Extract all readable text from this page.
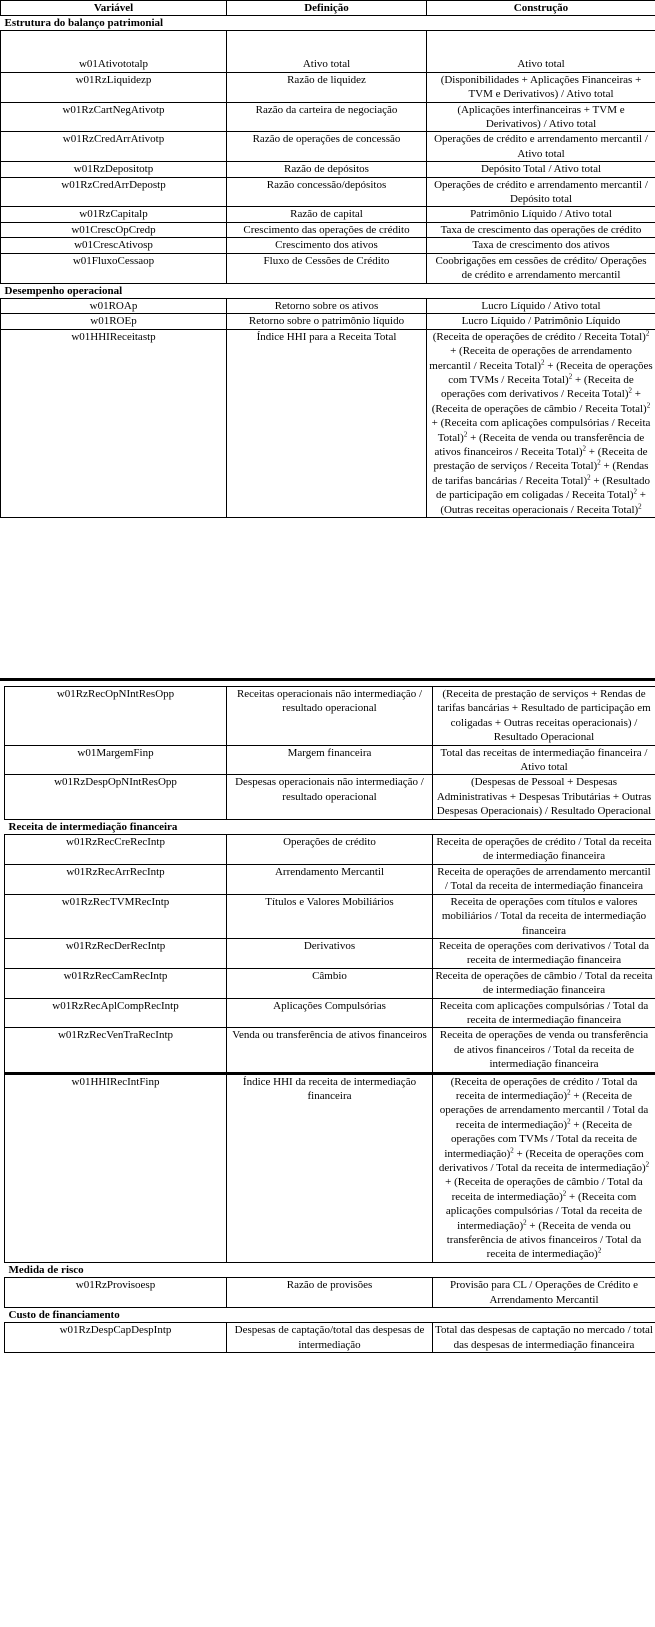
Variável	Definição	Construção
Estrutura do balanço patrimonial		
w01Ativototalp	Ativo total	Ativo total
w01RzLiquidezp	Razão de liquidez	(Disponibilidades + Aplicações Financeiras + TVM e Derivativos) / Ativo total
w01RzCartNegAtivotp	Razão da carteira de negociação	(Aplicações interfinanceiras + TVM e Derivativos) / Ativo total
w01RzCredArrAtivotp	Razão de operações de concessão	Operações de crédito e arrendamento mercantil / Ativo total
w01RzDepositotp	Razão de depósitos	Depósito Total / Ativo total
w01RzCredArrDepostp	Razão concessão/depósitos	Operações de crédito e arrendamento mercantil / Depósito total
w01RzCapitalp	Razão de capital	Patrimônio Líquido / Ativo total
w01CrescOpCredp	Crescimento das operações de crédito	Taxa de crescimento das operações de crédito
w01CrescAtivosp	Crescimento dos ativos	Taxa de crescimento dos ativos
w01FluxoCessaop	Fluxo de Cessões de Crédito	Coobrigações em cessões de crédito/ Operações de crédito e arrendamento mercantil
Desempenho operacional		
w01ROAp	Retorno sobre os ativos	Lucro Líquido / Ativo total
w01ROEp	Retorno sobre o patrimônio líquido	Lucro Líquido / Patrimônio Líquido
w01HHIReceitastp	Índice HHI para a Receita Total	(Receita de operações de crédito / Receita Total)$^2$ + (Receita de operações de arrendamento mercantil / Receita Total)$^2$ + (Receita de operações com TVMs / Receita Total)$^2$ + (Receita de operações com derivativos / Receita Total)$^2$ + (Receita de operações de câmbio / Receita Total)$^2$ + (Receita com aplicações compulsórias / Receita Total)$^2$ + (Receita de venda ou transferência de ativos financeiros / Receita Total)$^2$ + (Receita de prestação de serviços / Receita Total)$^2$ + (Rendas de tarifas bancárias / Receita Total)$^2$ + (Resultado de participação em coligadas / Receita Total)$^2$ + (Outras receitas operacionais / Receita Total)$^2$
w01RzRecOpNIntResOpp	Receitas operacionais não intermediação / resultado operacional	(Receita de prestação de serviços + Rendas de tarifas bancárias + Resultado de participação em coligadas + Outras receitas operacionais) / Resultado Operacional
w01MargemFinp	Margem financeira	Total das receitas de intermediação financeira / Ativo total
w01RzDespOpNIntResOpp	Despesas operacionais não intermediação / resultado operacional	(Despesas de Pessoal + Despesas Administrativas + Despesas Tributárias + Outras Despesas Operacionais) / Resultado Operacional
Receita de intermediação financeira		
w01RzRecCreRecIntp	Operações de crédito	Receita de operações de crédito / Total da receita de intermediação financeira
w01RzRecArrRecIntp	Arrendamento Mercantil	Receita de operações de arrendamento mercantil / Total da receita de intermediação financeira
w01RzRecTVMRecIntp	Títulos e Valores Mobiliários	Receita de operações com títulos e valores mobiliários / Total da receita de intermediação financeira
w01RzRecDerRecIntp	Derivativos	Receita de operações com derivativos / Total da receita de intermediação financeira
w01RzRecCamRecIntp	Câmbio	Receita de operações de câmbio / Total da receita de intermediação financeira
w01RzRecAplCompRecIntp	Aplicações Compulsórias	Receita com aplicações compulsórias / Total da receita de intermediação financeira
w01RzRecVenTraRecIntp	Venda ou transferência de ativos financeiros	Receita de operações de venda ou transferência de ativos financeiros / Total da receita de intermediação financeira
w01HHIRecIntFinp	Índice HHI da receita de intermediação financeira	(Receita de operações de crédito / Total da receita de intermediação)$^2$ + (Receita de operações de arrendamento mercantil / Total da receita de intermediação)$^2$ + (Receita de operações com TVMs / Total da receita de intermediação)$^2$ + (Receita de operações com derivativos / Total da receita de intermediação)$^2$ + (Receita de operações de câmbio / Total da receita de intermediação)$^2$ + (Receita com aplicações compulsórias / Total da receita de intermediação)$^2$ + (Receita de venda ou transferência de ativos financeiros / Total da receita de intermediação)$^2$
Medida de risco		
w01RzProvisoesp	Razão de provisões	Provisão para CL / Operações de Crédito e Arrendamento Mercantil
Custo de financiamento		
w01RzDespCapDespIntp	Despesas de captação/total das despesas de intermediação	Total das despesas de captação no mercado / total das despesas de intermediação financeira
